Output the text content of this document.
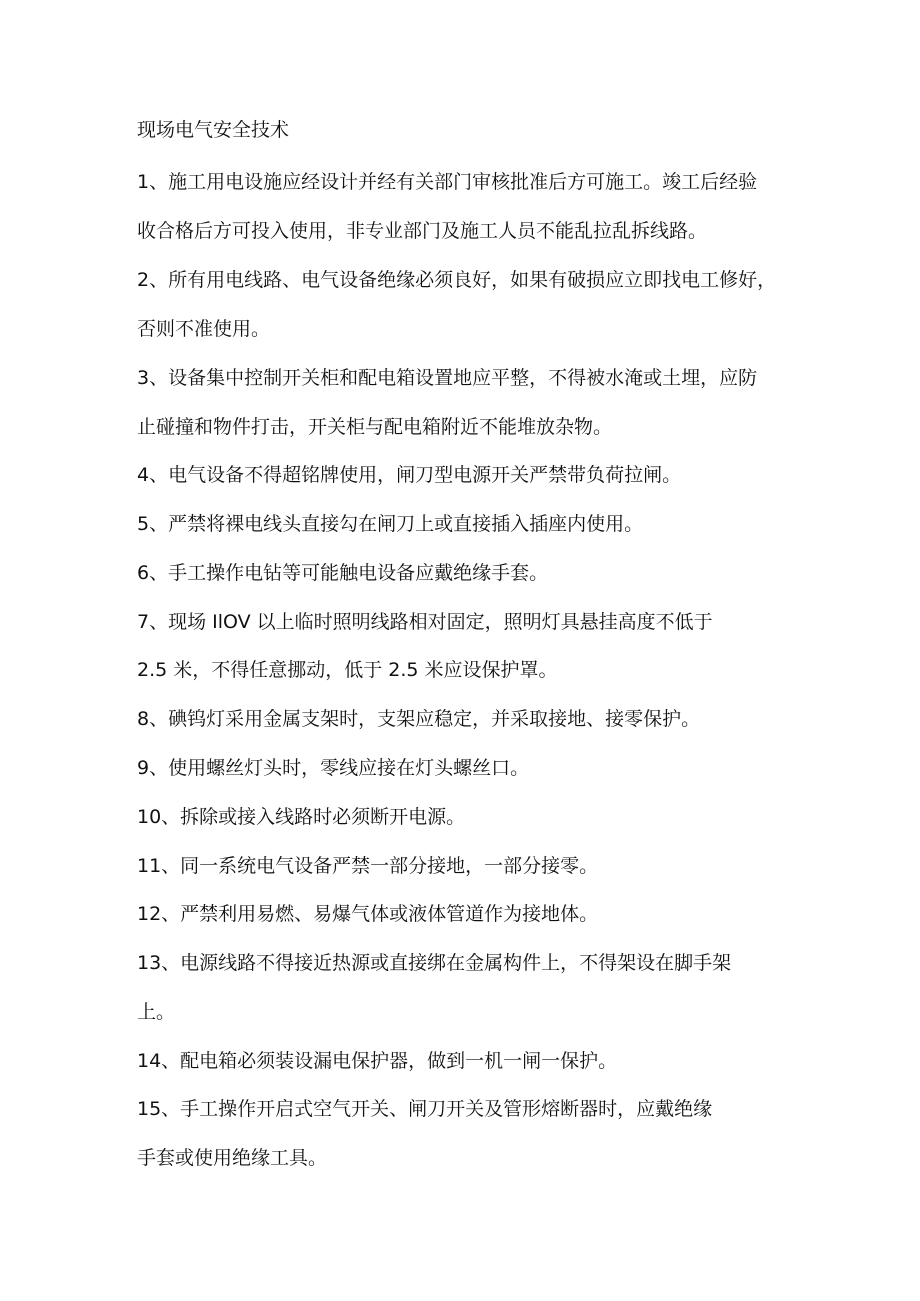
现场电气安全技术
1、施工用电设施应经设计并经有关部门审核批准后方可施工。竣工后经验
收合格后方可投入使用，非专业部门及施工人员不能乱拉乱拆线路。
2、所有用电线路、电气设备绝缘必须良好，如果有破损应立即找电工修好，
否则不准使用。
3、设备集中控制开关柜和配电箱设置地应平整，不得被水淹或土埋，应防
止碰撞和物件打击，开关柜与配电箱附近不能堆放杂物。
4、电气设备不得超铭牌使用，闸刀型电源开关严禁带负荷拉闸。
5、严禁将裸电线头直接勾在闸刀上或直接插入插座内使用。
6、手工操作电钻等可能触电设备应戴绝缘手套。
7、现场 IlOV 以上临时照明线路相对固定，照明灯具悬挂高度不低于
2.5 米，不得任意挪动，低于 2.5 米应设保护罩。
8、碘钨灯采用金属支架时，支架应稳定，并采取接地、接零保护。
9、使用螺丝灯头时，零线应接在灯头螺丝口。
10、拆除或接入线路时必须断开电源。
11、同一系统电气设备严禁一部分接地，一部分接零。
12、严禁利用易燃、易爆气体或液体管道作为接地体。
13、电源线路不得接近热源或直接绑在金属构件上，不得架设在脚手架
上。
14、配电箱必须装设漏电保护器，做到一机一闸一保护。
15、手工操作开启式空气开关、闸刀开关及管形熔断器时，应戴绝缘
手套或使用绝缘工具。
